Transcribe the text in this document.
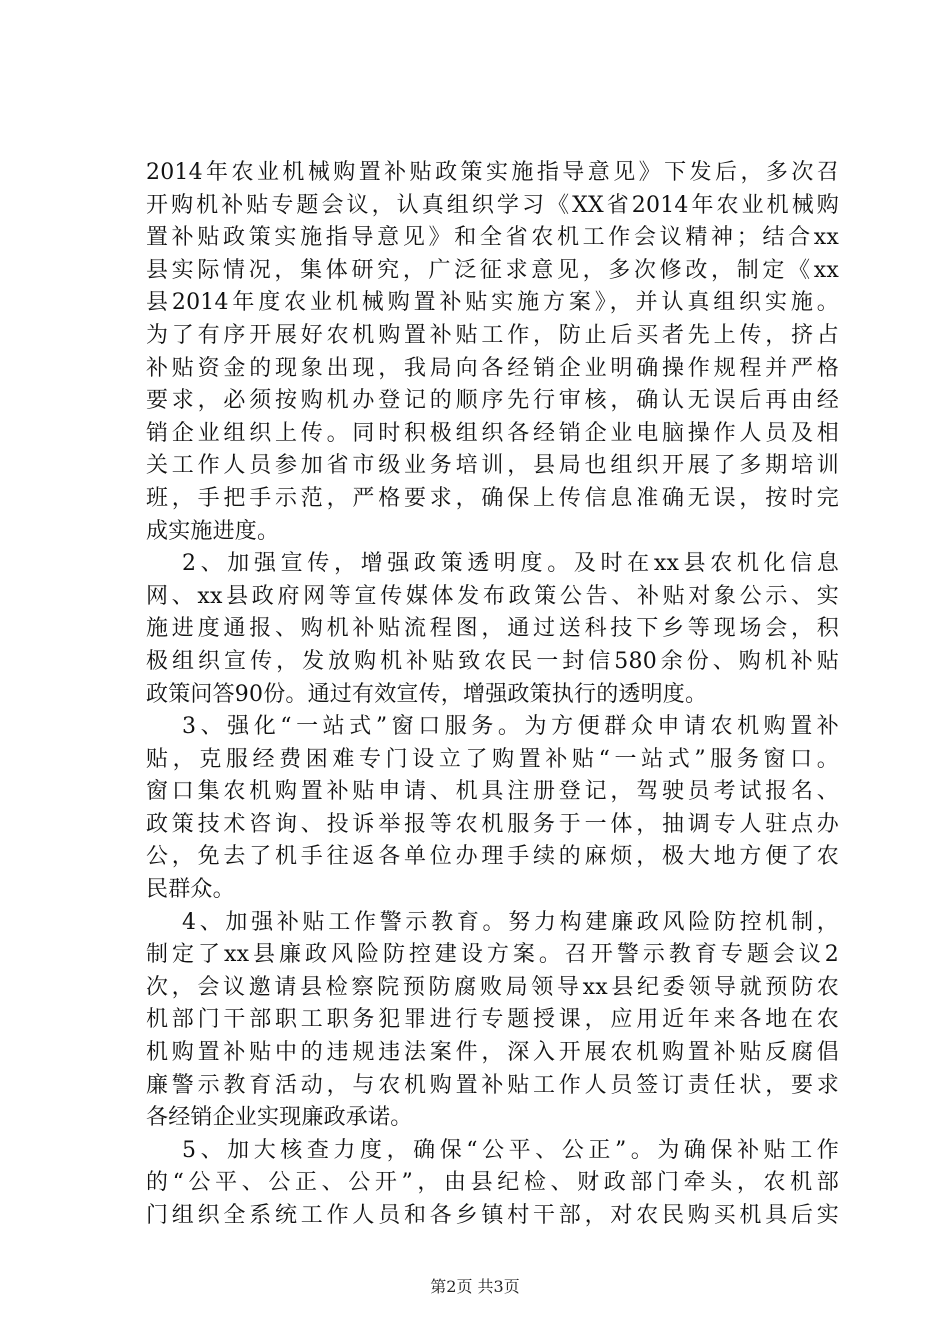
2014年农业机械购置补贴政策实施指导意见》下发后，多次召
开购机补贴专题会议，认真组织学习《XX省2014年农业机械购
置补贴政策实施指导意见》和全省农机工作会议精神；结合xx
县实际情况，集体研究，广泛征求意见，多次修改，制定《xx
县2014年度农业机械购置补贴实施方案》，并认真组织实施。
为了有序开展好农机购置补贴工作，防止后买者先上传，挤占
补贴资金的现象出现，我局向各经销企业明确操作规程并严格
要求，必须按购机办登记的顺序先行审核，确认无误后再由经
销企业组织上传。同时积极组织各经销企业电脑操作人员及相
关工作人员参加省市级业务培训，县局也组织开展了多期培训
班，手把手示范，严格要求，确保上传信息准确无误，按时完
成实施进度。
2、加强宣传，增强政策透明度。及时在xx县农机化信息
网、xx县政府网等宣传媒体发布政策公告、补贴对象公示、实
施进度通报、购机补贴流程图，通过送科技下乡等现场会，积
极组织宣传，发放购机补贴致农民一封信580余份、购机补贴
政策问答90份。通过有效宣传，增强政策执行的透明度。
3、强化“一站式”窗口服务。为方便群众申请农机购置补
贴，克服经费困难专门设立了购置补贴“一站式”服务窗口。
窗口集农机购置补贴申请、机具注册登记，驾驶员考试报名、
政策技术咨询、投诉举报等农机服务于一体，抽调专人驻点办
公，免去了机手往返各单位办理手续的麻烦，极大地方便了农
民群众。
4、加强补贴工作警示教育。努力构建廉政风险防控机制，
制定了xx县廉政风险防控建设方案。召开警示教育专题会议2
次，会议邀请县检察院预防腐败局领导xx县纪委领导就预防农
机部门干部职工职务犯罪进行专题授课，应用近年来各地在农
机购置补贴中的违规违法案件，深入开展农机购置补贴反腐倡
廉警示教育活动，与农机购置补贴工作人员签订责任状，要求
各经销企业实现廉政承诺。
5、加大核查力度，确保“公平、公正”。为确保补贴工作
的“公平、公正、公开”，由县纪检、财政部门牵头，农机部
门组织全系统工作人员和各乡镇村干部，对农民购买机具后实
第2页 共3页
